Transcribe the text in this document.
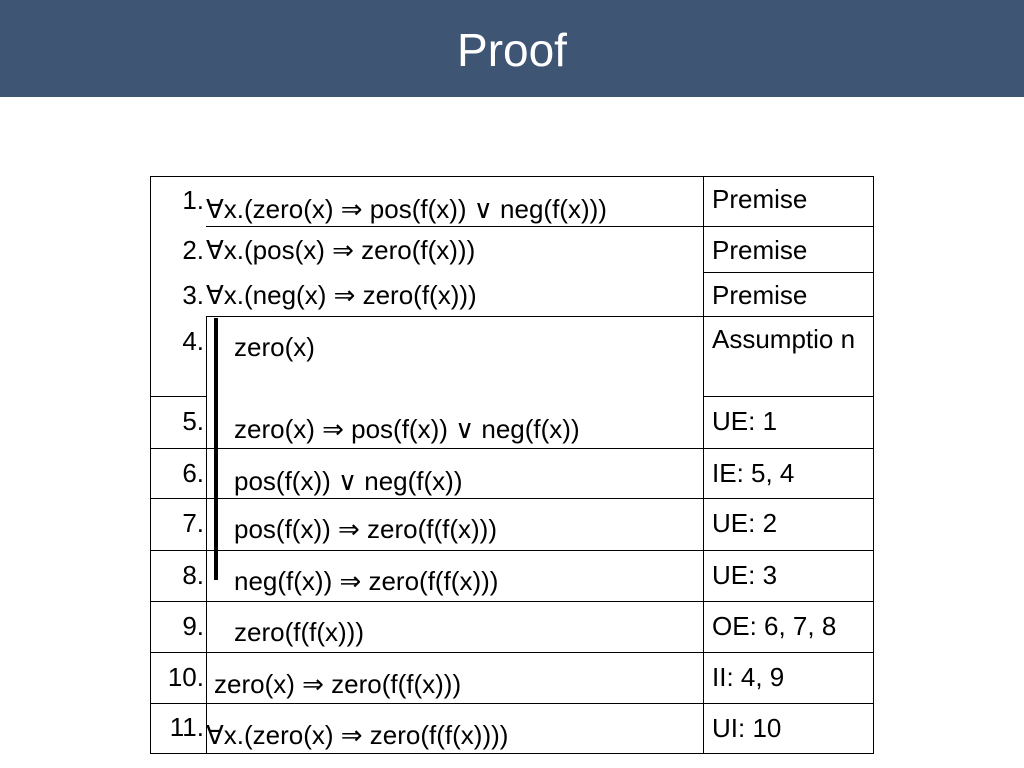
Proof
1. ∀x.(zero(x) ⇒ pos(f(x)) ∨ neg(f(x)))	Premise
2. ∀x.(pos(x) ⇒ zero(f(x)))	Premise
3. ∀x.(neg(x) ⇒ zero(f(x)))	Premise
4. zero(x)	Assumptio n
5. zero(x) ⇒ pos(f(x)) ∨ neg(f(x))	UE: 1
6. pos(f(x)) ∨ neg(f(x))	IE: 5, 4
7. pos(f(x)) ⇒ zero(f(f(x)))	UE: 2
8. neg(f(x)) ⇒ zero(f(f(x)))	UE: 3
9. zero(f(f(x)))	OE: 6, 7, 8
10. zero(x) ⇒ zero(f(f(x)))	II: 4, 9
11. ∀x.(zero(x) ⇒ zero(f(f(x))))	UI: 10
